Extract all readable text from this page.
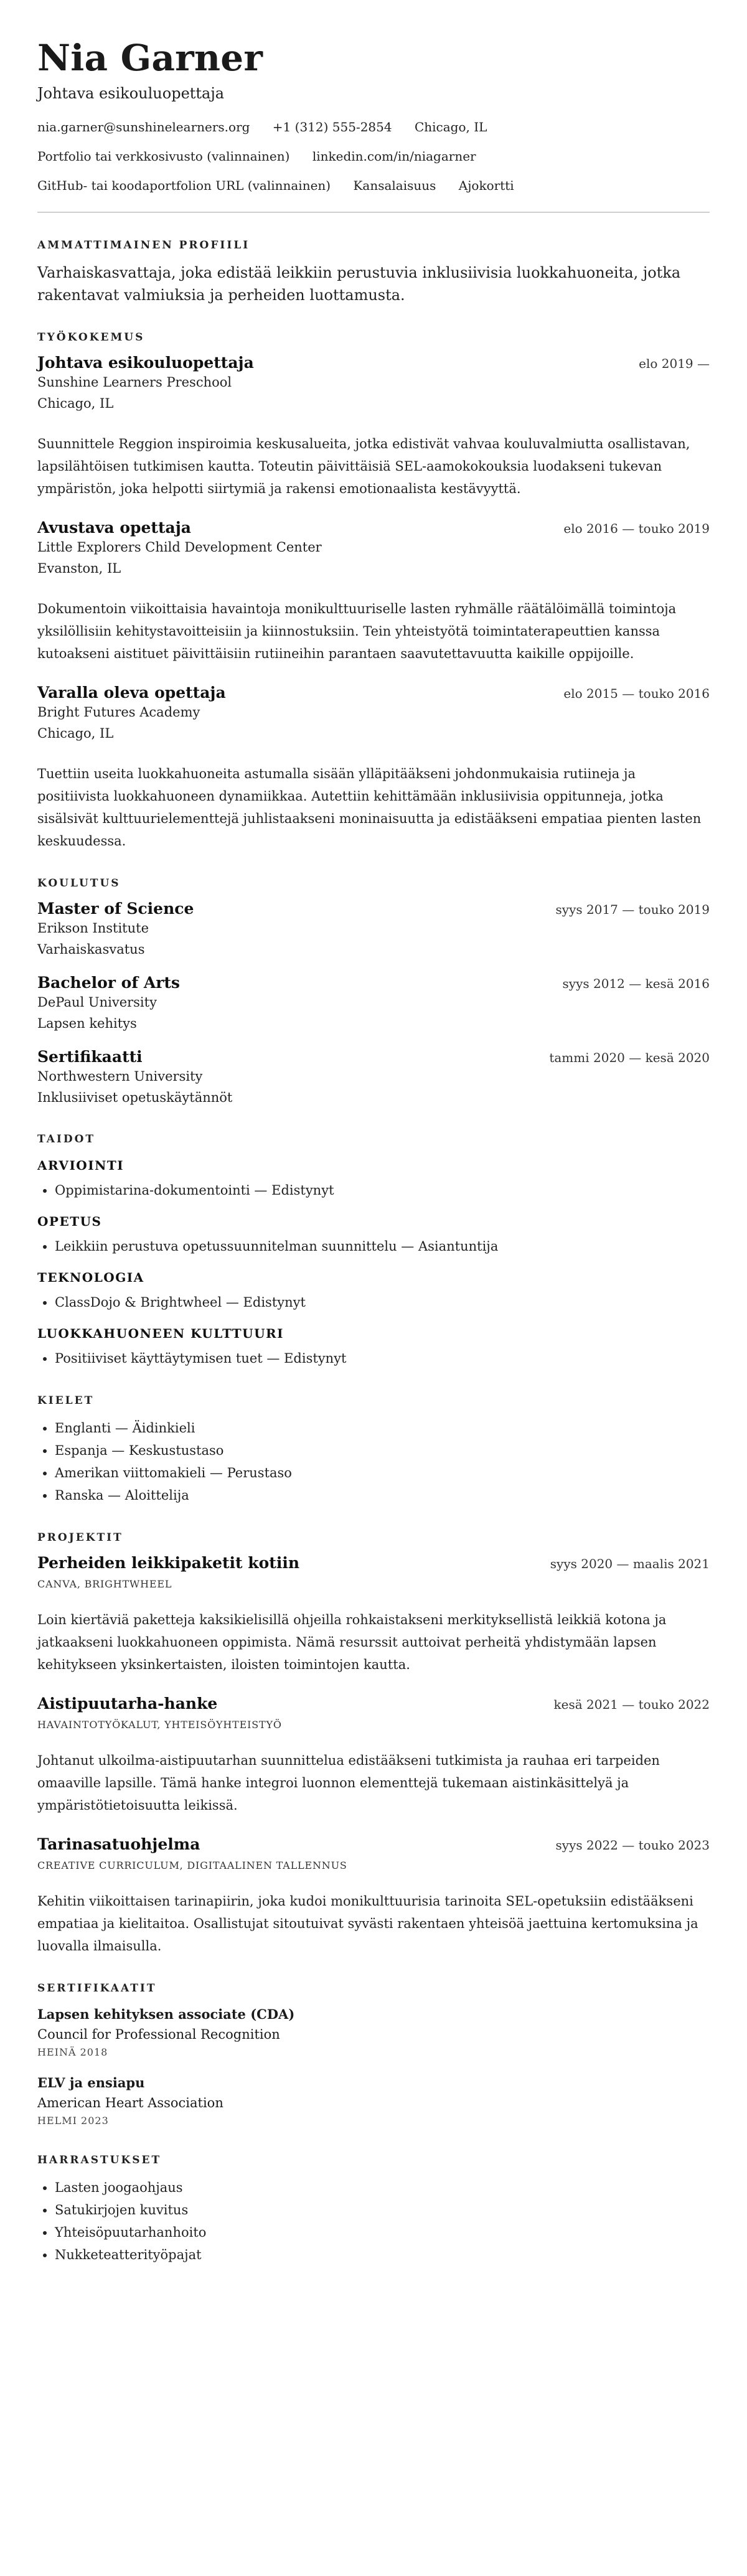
Nia Garner
Johtava esikouluopettaja
nia.garner@sunshinelearners.org +1 (312) 555-2854 Chicago, IL
Portfolio tai verkkosivusto (valinnainen) linkedin.com/in/niagarner
GitHub- tai koodaportfolion URL (valinnainen) Kansalaisuus Ajokortti
AMMATTIMAINEN PROFIILI

Varhaiskasvattaja, joka edistää leikkiin perustuvia inklusiivisia luokkahuoneita, jotka rakentavat valmiuksia ja perheiden luottamusta.

TYÖKOKEMUS
Johtava esikouluopettaja	elo 2019 —
Sunshine Learners Preschool
Chicago, IL

Suunnittele Reggion inspiroimia keskusalueita, jotka edistivät vahvaa kouluvalmiutta osallistavan, lapsilähtöisen tutkimisen kautta. Toteutin päivittäisiä SEL-aamokokouksia luodakseni tukevan ympäristön, joka helpotti siirtymiä ja rakensi emotionaalista kestävyyttä.

Avustava opettaja	elo 2016 — touko 2019
Little Explorers Child Development Center
Evanston, IL

Dokumentoin viikoittaisia havaintoja monikulttuuriselle lasten ryhmälle räätälöimällä toimintoja yksilöllisiin kehitystavoitteisiin ja kiinnostuksiin. Tein yhteistyötä toimintaterapeuttien kanssa kutoakseni aistituet päivittäisiin rutiineihin parantaen saavutettavuutta kaikille oppijoille.

Varalla oleva opettaja	elo 2015 — touko 2016
Bright Futures Academy
Chicago, IL

Tuettiin useita luokkahuoneita astumalla sisään ylläpitääkseni johdonmukaisia rutiineja ja positiivista luokkahuoneen dynamiikkaa. Autettiin kehittämään inklusiivisia oppitunneja, jotka sisälsivät kulttuurielementtejä juhlistaakseni moninaisuutta ja edistääkseni empatiaa pienten lasten keskuudessa.

KOULUTUS
Master of Science	syys 2017 — touko 2019
Erikson Institute
Varhaiskasvatus
Bachelor of Arts	syys 2012 — kesä 2016
DePaul University
Lapsen kehitys
Sertifikaatti	tammi 2020 — kesä 2020
Northwestern University
Inklusiiviset opetuskäytännöt
TAIDOT
ARVIOINTI
• Oppimistarina-dokumentointi — Edistynyt
OPETUS
• Leikkiin perustuva opetussuunnitelman suunnittelu — Asiantuntija
TEKNOLOGIA
• ClassDojo & Brightwheel — Edistynyt
LUOKKAHUONEEN KULTTUURI
• Positiiviset käyttäytymisen tuet — Edistynyt
KIELET
• Englanti — Äidinkieli
• Espanja — Keskustustaso
• Amerikan viittomakieli — Perustaso
• Ranska — Aloittelija
PROJEKTIT
Perheiden leikkipaketit kotiin	syys 2020 — maalis 2021
CANVA, BRIGHTWHEEL

Loin kiertäviä paketteja kaksikielisillä ohjeilla rohkaistakseni merkityksellistä leikkiä kotona ja jatkaakseni luokkahuoneen oppimista. Nämä resurssit auttoivat perheitä yhdistymään lapsen kehitykseen yksinkertaisten, iloisten toimintojen kautta.

Aistipuutarha-hanke	kesä 2021 — touko 2022
HAVAINTOTYÖKALUT, YHTEISÖYHTEISTYÖ

Johtanut ulkoilma-aistipuutarhan suunnittelua edistääkseni tutkimista ja rauhaa eri tarpeiden omaaville lapsille. Tämä hanke integroi luonnon elementtejä tukemaan aistinkäsittelyä ja ympäristötietoisuutta leikissä.

Tarinasatuohjelma	syys 2022 — touko 2023
CREATIVE CURRICULUM, DIGITAALINEN TALLENNUS

Kehitin viikoittaisen tarinapiirin, joka kudoi monikulttuurisia tarinoita SEL-opetuksiin edistääkseni empatiaa ja kielitaitoa. Osallistujat sitoutuivat syvästi rakentaen yhteisöä jaettuina kertomuksina ja luovalla ilmaisulla.

SERTIFIKAATIT
Lapsen kehityksen associate (CDA)
Council for Professional Recognition
HEINÄ 2018
ELV ja ensiapu
American Heart Association
HELMI 2023
HARRASTUKSET
• Lasten joogaohjaus
• Satukirjojen kuvitus
• Yhteisöpuutarhanhoito
• Nukketeatterityöpajat
